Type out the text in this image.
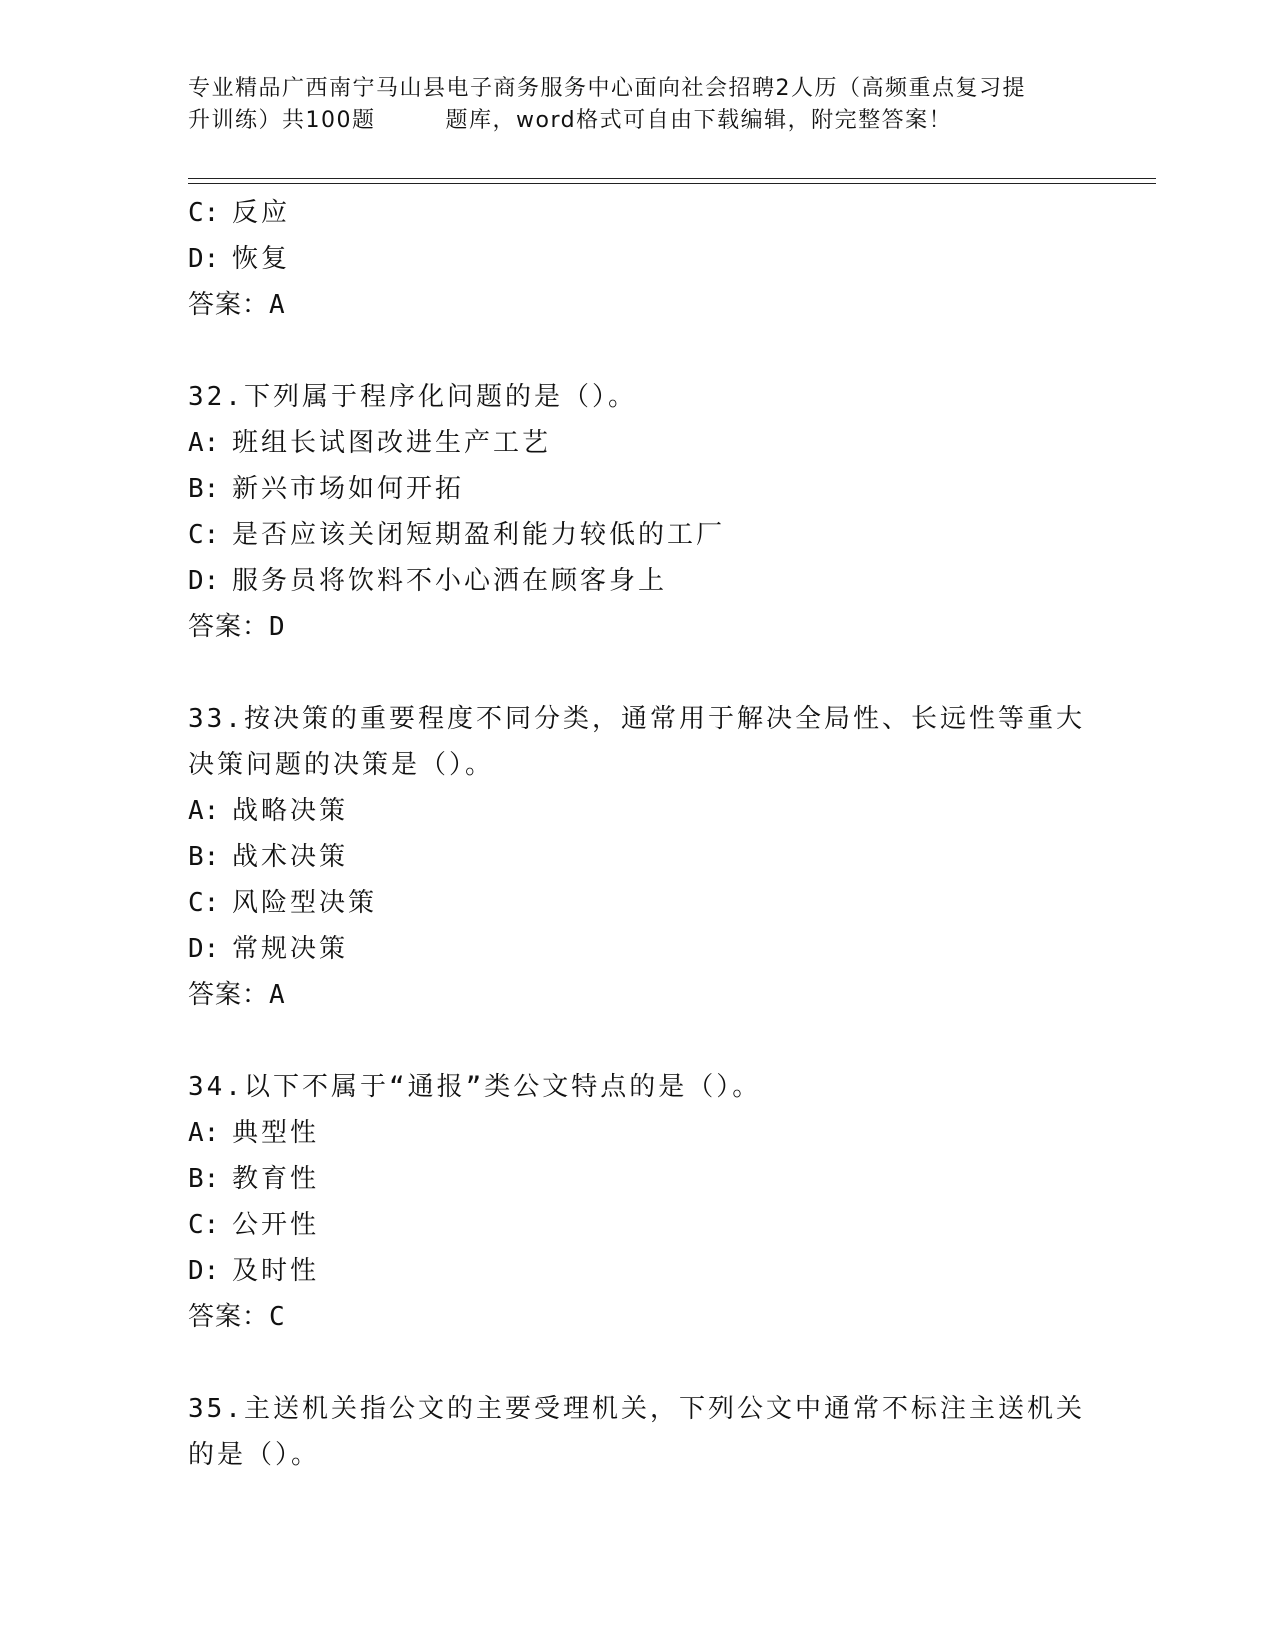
专业精品广西南宁马山县电子商务服务中心面向社会招聘2人历（高频重点复习提
升训练）共100题	题库，word格式可自由下载编辑，附完整答案！
C: 反应
D: 恢复
答案：A
32.下列属于程序化问题的是（）。
A: 班组长试图改进生产工艺
B: 新兴市场如何开拓
C: 是否应该关闭短期盈利能力较低的工厂
D: 服务员将饮料不小心洒在顾客身上
答案：D
33.按决策的重要程度不同分类，通常用于解决全局性、长远性等重大
决策问题的决策是（）。
A: 战略决策
B: 战术决策
C: 风险型决策
D: 常规决策
答案：A
34.以下不属于“通报”类公文特点的是（）。
A: 典型性
B: 教育性
C: 公开性
D: 及时性
答案：C
35.主送机关指公文的主要受理机关，下列公文中通常不标注主送机关
的是（）。
